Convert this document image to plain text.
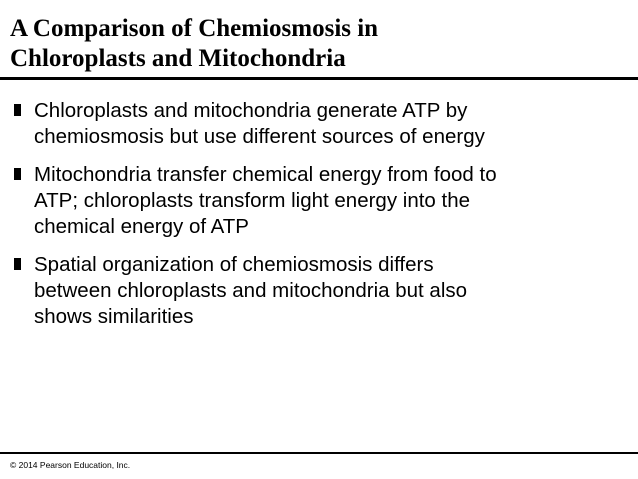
A Comparison of Chemiosmosis in
Chloroplasts and Mitochondria
Chloroplasts and mitochondria generate ATP by
chemiosmosis but use different sources of energy
Mitochondria transfer chemical energy from food to
ATP; chloroplasts transform light energy into the
chemical energy of ATP
Spatial organization of chemiosmosis differs
between chloroplasts and mitochondria but also
shows similarities
© 2014 Pearson Education, Inc.
